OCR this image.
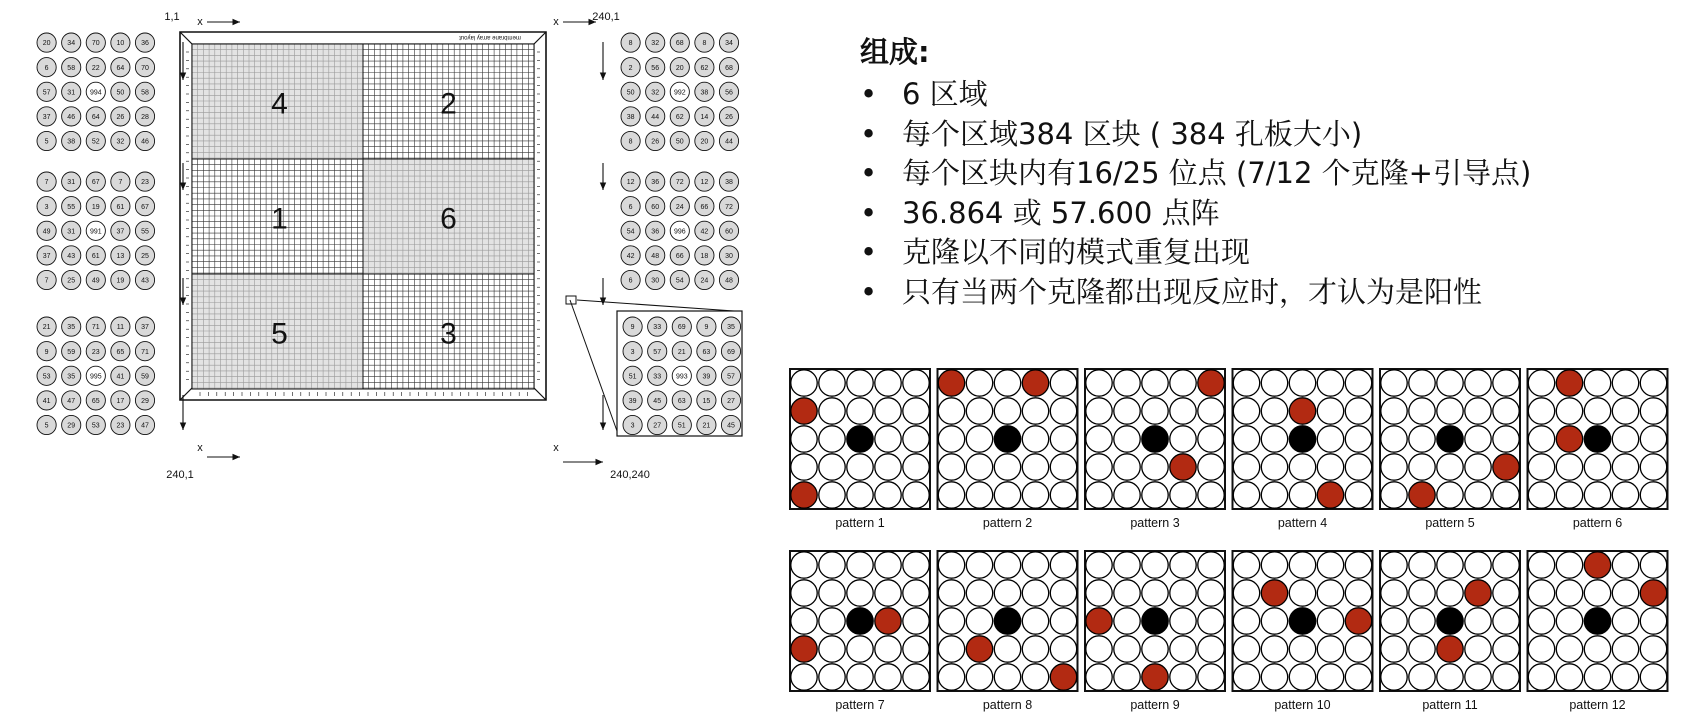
membrane array layout
4	2
1	6
5	3
1,1	240,1
240,1	240,240
x	x
x	x
20 34 70 10 36
6	58 22 64 70
57 31 994 50 58
37 46 64 26 28
5	38 52 32 46
7	31 67	7	23
3	55 19 61 67
49 31 991 37 55
37 43 61 13 25
7	25 49 19 43
21 35 71 11 37
9	59 23 65 71
53 35 995 41 59
41 47 65 17 29
5	29 53 23 47
8	32 68	8	34
2	56 20 62 68
50 32 992 38 56
38 44 62 14 26
8	26 50 20 44
12 36 72 12 38
6	60 24 66 72
54 36 996 42 60
42 48 66 18 30
6	30 54 24 48
9	33 69	9	35
3	57 21 63 69
51 33 993 39 57
39 45 63 15 27
3	27 51 21 45
pattern 1	pattern 2	pattern 3	pattern 4	pattern 5	pattern 6
pattern 7	pattern 8	pattern 9	pattern 10	pattern 11	pattern 12
组成:
• 6 区域
• 每个区域384 区块 ( 384 孔板大小)
• 每个区块内有16/25 位点 (7/12 个克隆+引导点)
• 36.864 或 57.600 点阵
• 克隆以不同的模式重复出现
• 只有当两个克隆都出现反应时，才认为是阳性
